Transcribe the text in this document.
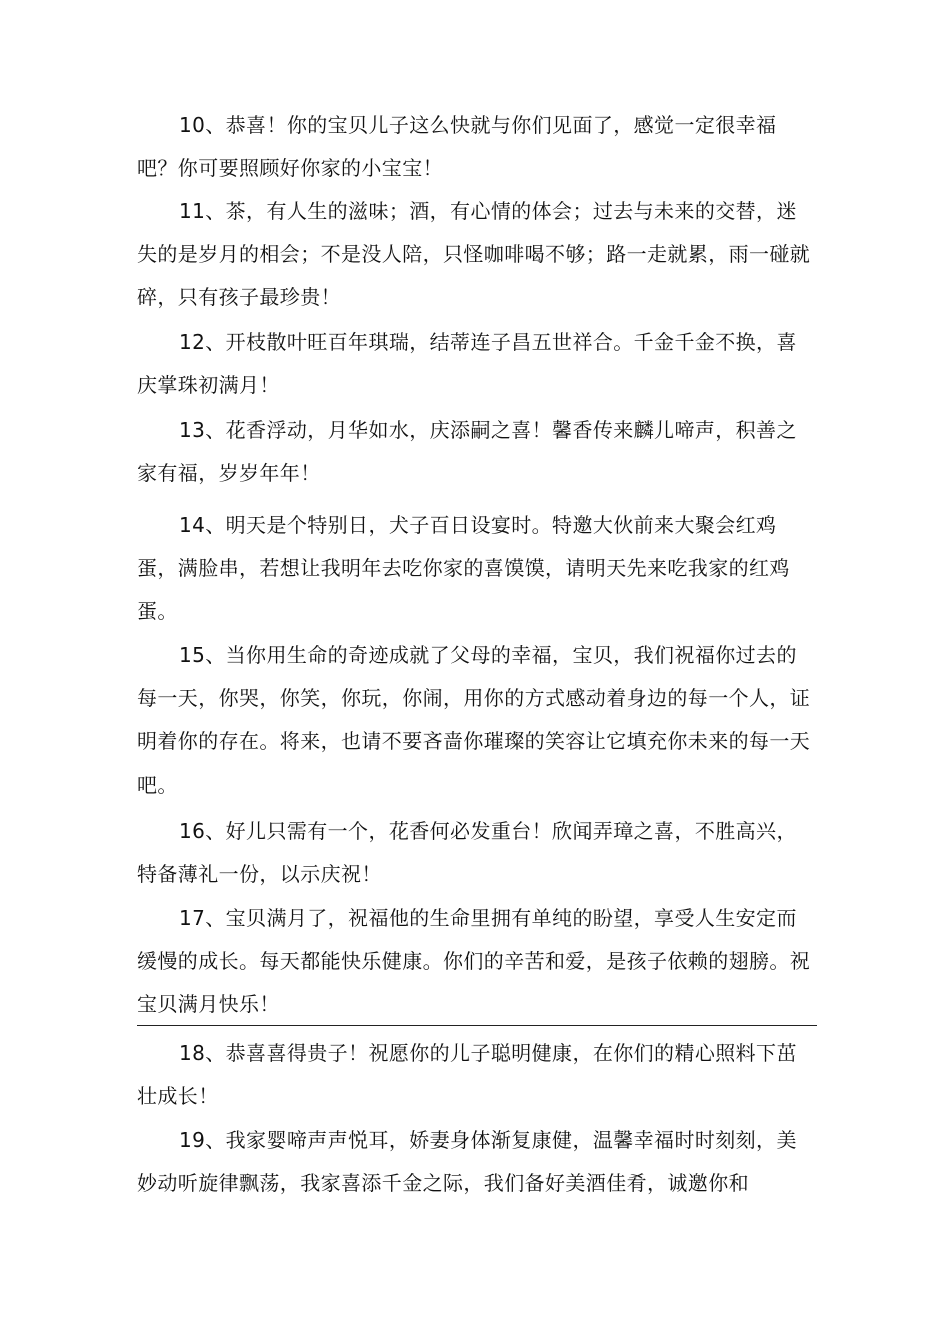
10、恭喜！你的宝贝儿子这么快就与你们见面了，感觉一定很幸福吧？你可要照顾好你家的小宝宝！

11、茶，有人生的滋味；酒，有心情的体会；过去与未来的交替，迷失的是岁月的相会；不是没人陪，只怪咖啡喝不够；路一走就累，雨一碰就碎，只有孩子最珍贵！

12、开枝散叶旺百年琪瑞，结蒂连子昌五世祥合。千金千金不换，喜庆掌珠初满月！

13、花香浮动，月华如水，庆添嗣之喜！馨香传来麟儿啼声，积善之家有福，岁岁年年！

14、明天是个特别日，犬子百日设宴时。特邀大伙前来大聚会红鸡蛋，满脸串，若想让我明年去吃你家的喜馍馍，请明天先来吃我家的红鸡蛋。

15、当你用生命的奇迹成就了父母的幸福，宝贝，我们祝福你过去的每一天，你哭，你笑，你玩，你闹，用你的方式感动着身边的每一个人，证明着你的存在。将来，也请不要吝啬你璀璨的笑容让它填充你未来的每一天吧。

16、好儿只需有一个，花香何必发重台！欣闻弄璋之喜，不胜高兴，特备薄礼一份，以示庆祝！

17、宝贝满月了，祝福他的生命里拥有单纯的盼望，享受人生安定而缓慢的成长。每天都能快乐健康。你们的辛苦和爱，是孩子依赖的翅膀。祝宝贝满月快乐！

18、恭喜喜得贵子！祝愿你的儿子聪明健康，在你们的精心照料下茁壮成长！

19、我家婴啼声声悦耳，娇妻身体渐复康健，温馨幸福时时刻刻，美妙动听旋律飘荡，我家喜添千金之际，我们备好美酒佳肴，诚邀你和
